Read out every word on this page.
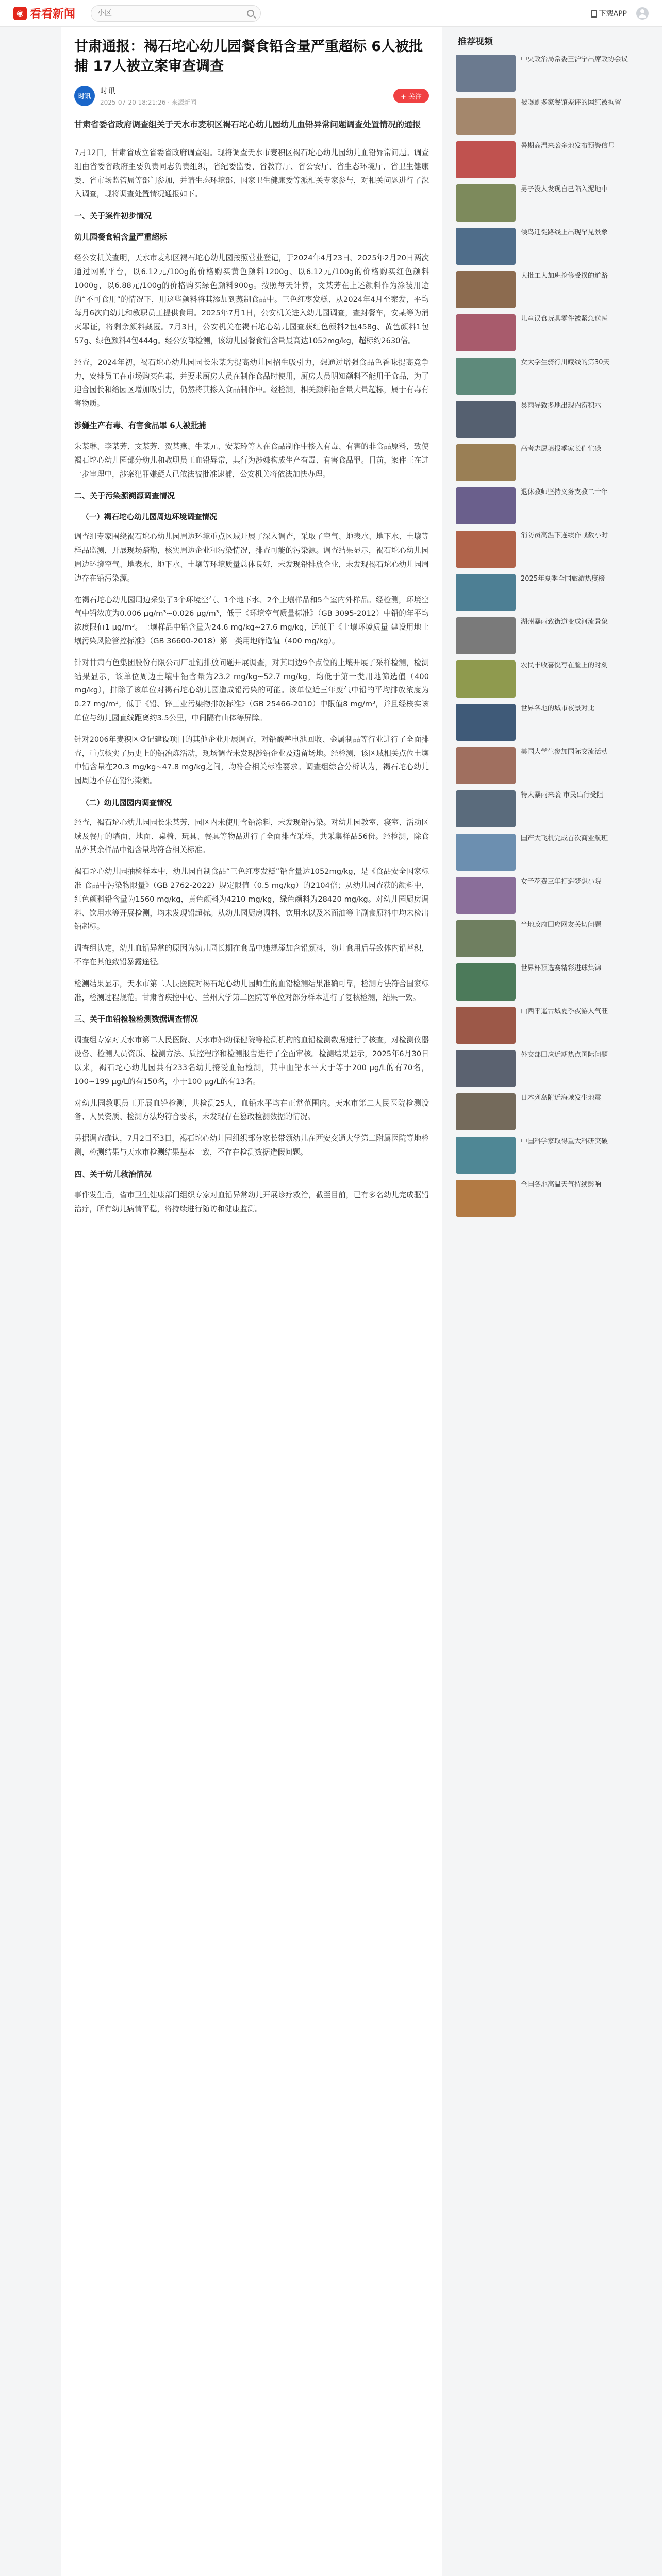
◉ 看看新闻
小区	下载APP
甘肃通报：褐石坨心幼儿园餐食铅含量严重超标 6人被批捕 17人被立案审查调查
时讯
时讯
2025-07-20 18:21:26 · 来源新闻
+ 关注
甘肃省委省政府调查组关于天水市麦积区褐石坨心幼儿园幼儿血铅异常问题调查处置情况的通报
7月12日，甘肃省成立省委省政府调查组。现将调查天水市麦积区褐石坨心幼儿园幼儿血铅异常问题。调查组由省委省政府主要负责同志负责组织，省纪委监委、省教育厅、省公安厅、省生态环境厅、省卫生健康委、省市场监管局等部门参加，并请生态环境部、国家卫生健康委等派相关专家参与，对相关问题进行了深入调查，现将调查处置情况通报如下。
一、关于案件初步情况
幼儿园餐食铅含量严重超标
经公安机关查明，天水市麦积区褐石坨心幼儿园按照营业登记，于2024年4月23日、2025年2月20日两次通过网购平台，以6.12元/100g的价格购买黄色颜料1200g、以6.12元/100g的价格购买红色颜料1000g、以6.88元/100g的价格购买绿色颜料900g。按照每天计算，文某芳在上述颜料作为涂装用途的“不可食用”的情况下，用这些颜料将其添加到蒸制食品中。三色红枣发糕、从2024年4月至案发，平均每月6次向幼儿和教职员工提供食用。2025年7月1日，公安机关进入幼儿园调查，查封餐车，安某等为消灭罪证，将剩余颜料藏匿。7月3日，公安机关在褐石坨心幼儿园查获红色颜料2包458g、黄色颜料1包57g、绿色颜料4包444g。经公安部检测，该幼儿园餐食铅含量最高达1052mg/kg，超标约2630倍。
经查，2024年初，褐石坨心幼儿园园长朱某为提高幼儿园招生吸引力，想通过增强食品色香味提高竞争力，安排员工在市场购买色素，并要求厨房人员在制作食品时使用，厨房人员明知颜料不能用于食品，为了迎合园长和给园区增加吸引力，仍然将其掺入食品制作中。经检测，相关颜料铅含量大量超标，属于有毒有害物质。
涉嫌生产有毒、有害食品罪 6人被批捕
朱某琳、李某芳、文某芳、贺某燕、牛某元、安某玲等人在食品制作中掺入有毒、有害的非食品原料，致使褐石坨心幼儿园部分幼儿和教职员工血铅异常，其行为涉嫌构成生产有毒、有害食品罪。目前，案件正在进一步审理中，涉案犯罪嫌疑人已依法被批准逮捕，公安机关将依法加快办理。
二、关于污染源溯源调查情况
（一）褐石坨心幼儿园周边环境调查情况
调查组专家围绕褐石坨心幼儿园周边环境重点区域开展了深入调查，采取了空气、地表水、地下水、土壤等样品监测，开展现场踏勘，核实周边企业和污染情况，排查可能的污染源。调查结果显示，褐石坨心幼儿园周边环境空气、地表水、地下水、土壤等环境质量总体良好，未发现铅排放企业，未发现褐石坨心幼儿园周边存在铅污染源。
在褐石坨心幼儿园周边采集了3个环境空气、1个地下水、2个土壤样品和5个室内外样品。经检测，环境空气中铅浓度为0.006 μg/m³~0.026 μg/m³，低于《环境空气质量标准》（GB 3095-2012）中铅的年平均浓度限值1 μg/m³。土壤样品中铅含量为24.6 mg/kg~27.6 mg/kg，远低于《土壤环境质量 建设用地土壤污染风险管控标准》（GB 36600-2018）第一类用地筛选值（400 mg/kg）。
针对甘肃有色集团股份有限公司厂址铅排放问题开展调查，对其周边9个点位的土壤开展了采样检测，检测结果显示，该单位周边土壤中铅含量为23.2 mg/kg~52.7 mg/kg，均低于第一类用地筛选值（400 mg/kg），排除了该单位对褐石坨心幼儿园造成铅污染的可能。该单位近三年废气中铅的平均排放浓度为0.27 mg/m³，低于《铅、锌工业污染物排放标准》（GB 25466-2010）中限值8 mg/m³，并且经核实该单位与幼儿园直线距离约3.5公里，中间隔有山体等屏障。
针对2006年麦积区登记建设项目的其他企业开展调查，对铅酸蓄电池回收、金属制品等行业进行了全面排查，重点核实了历史上的铅冶炼活动，现场调查未发现涉铅企业及遗留场地。经检测，该区域相关点位土壤中铅含量在20.3 mg/kg~47.8 mg/kg之间，均符合相关标准要求。调查组综合分析认为，褐石坨心幼儿园周边不存在铅污染源。
（二）幼儿园园内调查情况
经查，褐石坨心幼儿园园长朱某芳，园区内未使用含铅涂料，未发现铅污染。对幼儿园教室、寝室、活动区域及餐厅的墙面、地面、桌椅、玩具、餐具等物品进行了全面排查采样，共采集样品56份。经检测，除食品外其余样品中铅含量均符合相关标准。
褐石坨心幼儿园抽检样本中，幼儿园自制食品“三色红枣发糕”铅含量达1052mg/kg，是《食品安全国家标准 食品中污染物限量》（GB 2762-2022）规定限值（0.5 mg/kg）的2104倍；从幼儿园查获的颜料中，红色颜料铅含量为1560 mg/kg，黄色颜料为4210 mg/kg，绿色颜料为28420 mg/kg。对幼儿园厨房调料、饮用水等开展检测，均未发现铅超标。从幼儿园厨房调料、饮用水以及米面油等主副食原料中均未检出铅超标。
调查组认定，幼儿血铅异常的原因为幼儿园长期在食品中违规添加含铅颜料，幼儿食用后导致体内铅蓄积，不存在其他致铅暴露途径。
检测结果显示，天水市第二人民医院对褐石坨心幼儿园师生的血铅检测结果准确可靠，检测方法符合国家标准，检测过程规范。甘肃省疾控中心、兰州大学第二医院等单位对部分样本进行了复核检测，结果一致。
三、关于血铅检验检测数据调查情况
调查组专家对天水市第二人民医院、天水市妇幼保健院等检测机构的血铅检测数据进行了核查，对检测仪器设备、检测人员资质、检测方法、质控程序和检测报告进行了全面审核。检测结果显示，2025年6月30日以来，褐石坨心幼儿园共有233名幼儿接受血铅检测，其中血铅水平大于等于200 μg/L的有70名，100~199 μg/L的有150名，小于100 μg/L的有13名。
对幼儿园教职员工开展血铅检测，共检测25人，血铅水平均在正常范围内。天水市第二人民医院检测设备、人员资质、检测方法均符合要求，未发现存在篡改检测数据的情况。
另据调查确认，7月2日至3日，褐石坨心幼儿园组织部分家长带领幼儿在西安交通大学第二附属医院等地检测，检测结果与天水市检测结果基本一致，不存在检测数据造假问题。
四、关于幼儿救治情况
事件发生后，省市卫生健康部门组织专家对血铅异常幼儿开展诊疗救治，截至目前，已有多名幼儿完成驱铅治疗，所有幼儿病情平稳，将持续进行随访和健康监测。
推荐视频
中央政治局常委王沪宁出席政协会议
被曝刷多家餐馆差评的网红被拘留
暑期高温来袭多地发布预警信号
男子没人发现自己陷入泥地中
候鸟迁徙路线上出现罕见景象
大批工人加班抢修受损的道路
儿童误食玩具零件被紧急送医
女大学生骑行川藏线的第30天
暴雨导致多地出现内涝积水
高考志愿填报季家长们忙碌
退休教师坚持义务支教二十年
消防员高温下连续作战数小时
2025年夏季全国旅游热度榜
湖州暴雨致街道变成河流景象
农民丰收喜悦写在脸上的时刻
世界各地的城市夜景对比
美国大学生参加国际交流活动
特大暴雨来袭 市民出行受阻
国产大飞机完成首次商业航班
女子花费三年打造梦想小院
当地政府回应网友关切问题
世界杯预选赛精彩进球集锦
山西平遥古城夏季夜游人气旺
外交部回应近期热点国际问题
日本列岛附近海域发生地震
中国科学家取得重大科研突破
全国各地高温天气持续影响
